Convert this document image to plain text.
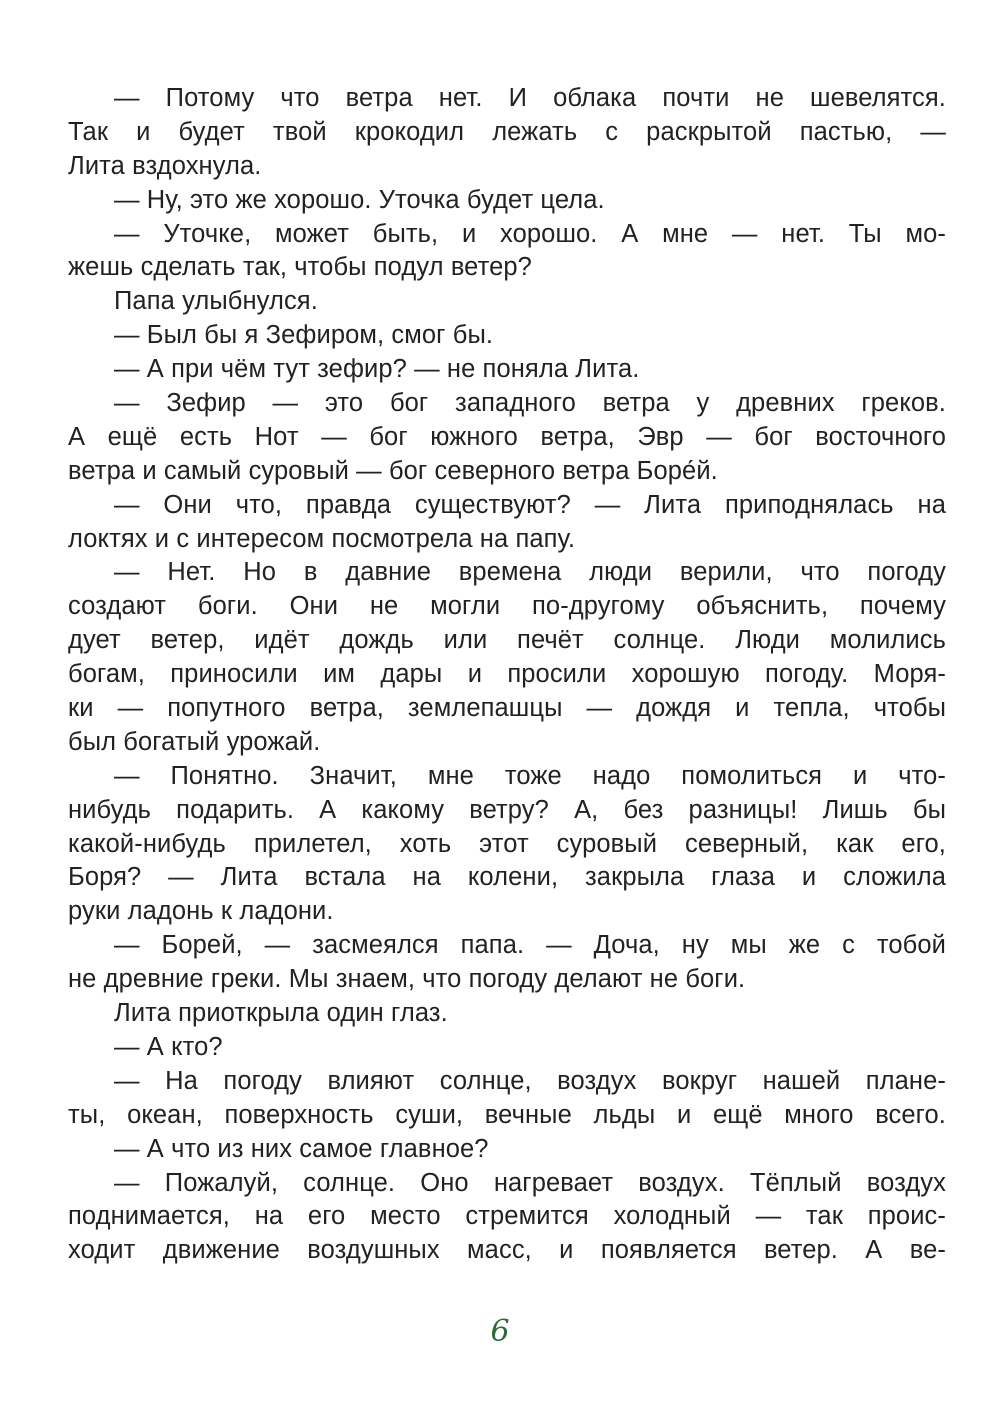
— Потому что ветра нет. И облака почти не шевелятся.
Так и будет твой крокодил лежать с раскрытой пастью, —
Лита вздохнула.
— Ну, это же хорошо. Уточка будет цела.
— Уточке, может быть, и хорошо. А мне — нет. Ты мо-
жешь сделать так, чтобы подул ветер?
Папа улыбнулся.
— Был бы я Зефиром, смог бы.
— А при чём тут зефир? — не поняла Лита.
— Зефир — это бог западного ветра у древних греков.
А ещё есть Нот — бог южного ветра, Эвр — бог восточного
ветра и самый суровый — бог северного ветра Боре́й.
— Они что, правда существуют? — Лита приподнялась на
локтях и с интересом посмотрела на папу.
— Нет. Но в давние времена люди верили, что погоду
создают боги. Они не могли по-другому объяснить, почему
дует ветер, идёт дождь или печёт солнце. Люди молились
богам, приносили им дары и просили хорошую погоду. Моря-
ки — попутного ветра, землепашцы — дождя и тепла, чтобы
был богатый урожай.
— Понятно. Значит, мне тоже надо помолиться и что-
нибудь подарить. А какому ветру? А, без разницы! Лишь бы
какой-нибудь прилетел, хоть этот суровый северный, как его,
Боря? — Лита встала на колени, закрыла глаза и сложила
руки ладонь к ладони.
— Борей, — засмеялся папа. — Доча, ну мы же с тобой
не древние греки. Мы знаем, что погоду делают не боги.
Лита приоткрыла один глаз.
— А кто?
— На погоду влияют солнце, воздух вокруг нашей плане-
ты, океан, поверхность суши, вечные льды и ещё много всего.
— А что из них самое главное?
— Пожалуй, солнце. Оно нагревает воздух. Тёплый воздух
поднимается, на его место стремится холодный — так проис-
ходит движение воздушных масс, и появляется ветер. А ве-
6
